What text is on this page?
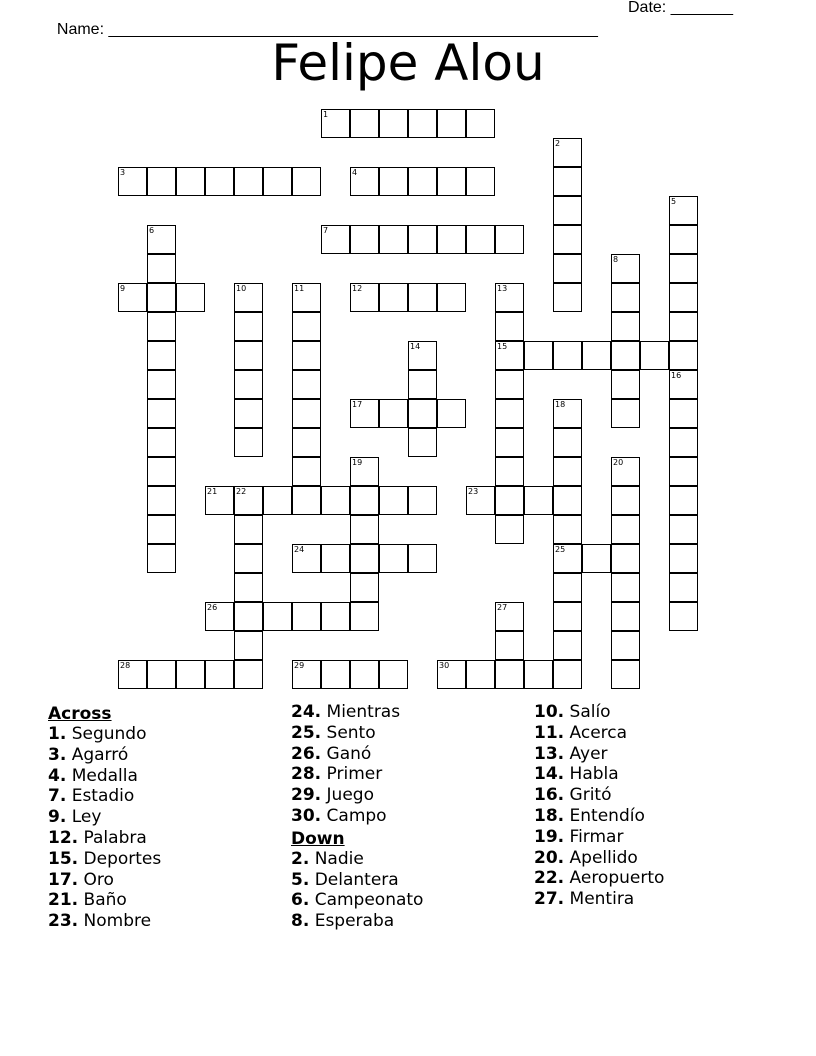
Name: _______________________________________________________

Date: _______

Felipe Alou
1
3	4
7
9	12
15
17
21 22	23
24	25
26
28	29	30
2
5
6
8
10	11	13
14
16
18
19	20
27
Across
1. Segundo
3. Agarró
4. Medalla
7. Estadio
9. Ley
12. Palabra
15. Deportes
17. Oro
21. Baño
23. Nombre
24. Mientras
25. Sento
26. Ganó
28. Primer
29. Juego
30. Campo
Down
2. Nadie
5. Delantera
6. Campeonato
8. Esperaba
10. Salío
11. Acerca
13. Ayer
14. Habla
16. Gritó
18. Entendío
19. Firmar
20. Apellido
22. Aeropuerto
27. Mentira
